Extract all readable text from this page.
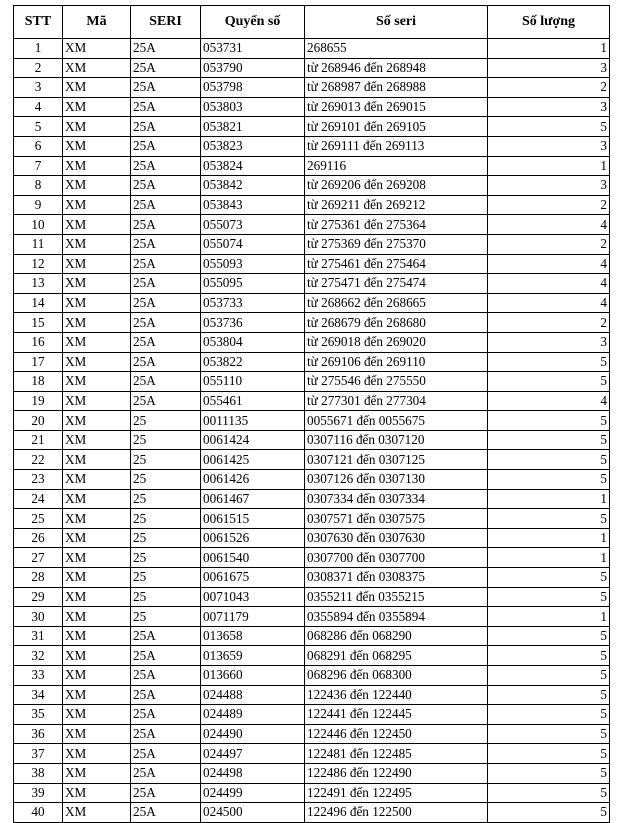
STT	Mã	SERI	Quyển số	Số seri	Số lượng
1	XM	25A	053731	268655	1
2	XM	25A	053790	từ 268946 đến 268948	3
3	XM	25A	053798	từ 268987 đến 268988	2
4	XM	25A	053803	từ 269013 đến 269015	3
5	XM	25A	053821	từ 269101 đến 269105	5
6	XM	25A	053823	từ 269111 đến 269113	3
7	XM	25A	053824	269116	1
8	XM	25A	053842	từ 269206 đến 269208	3
9	XM	25A	053843	từ 269211 đến 269212	2
10	XM	25A	055073	từ 275361 đến 275364	4
11	XM	25A	055074	từ 275369 đến 275370	2
12	XM	25A	055093	từ 275461 đến 275464	4
13	XM	25A	055095	từ 275471 đến 275474	4
14	XM	25A	053733	từ 268662 đến 268665	4
15	XM	25A	053736	từ 268679 đến 268680	2
16	XM	25A	053804	từ 269018 đến 269020	3
17	XM	25A	053822	từ 269106 đến 269110	5
18	XM	25A	055110	từ 275546 đến 275550	5
19	XM	25A	055461	từ 277301 đến 277304	4
20	XM	25	0011135	0055671 đến 0055675	5
21	XM	25	0061424	0307116 đến 0307120	5
22	XM	25	0061425	0307121 đến 0307125	5
23	XM	25	0061426	0307126 đến 0307130	5
24	XM	25	0061467	0307334 đến 0307334	1
25	XM	25	0061515	0307571 đến 0307575	5
26	XM	25	0061526	0307630 đến 0307630	1
27	XM	25	0061540	0307700 đến 0307700	1
28	XM	25	0061675	0308371 đến 0308375	5
29	XM	25	0071043	0355211 đến 0355215	5
30	XM	25	0071179	0355894 đến 0355894	1
31	XM	25A	013658	068286 đến 068290	5
32	XM	25A	013659	068291 đến 068295	5
33	XM	25A	013660	068296 đến 068300	5
34	XM	25A	024488	122436 đến 122440	5
35	XM	25A	024489	122441 đến 122445	5
36	XM	25A	024490	122446 đến 122450	5
37	XM	25A	024497	122481 đến 122485	5
38	XM	25A	024498	122486 đến 122490	5
39	XM	25A	024499	122491 đến 122495	5
40	XM	25A	024500	122496 đến 122500	5
